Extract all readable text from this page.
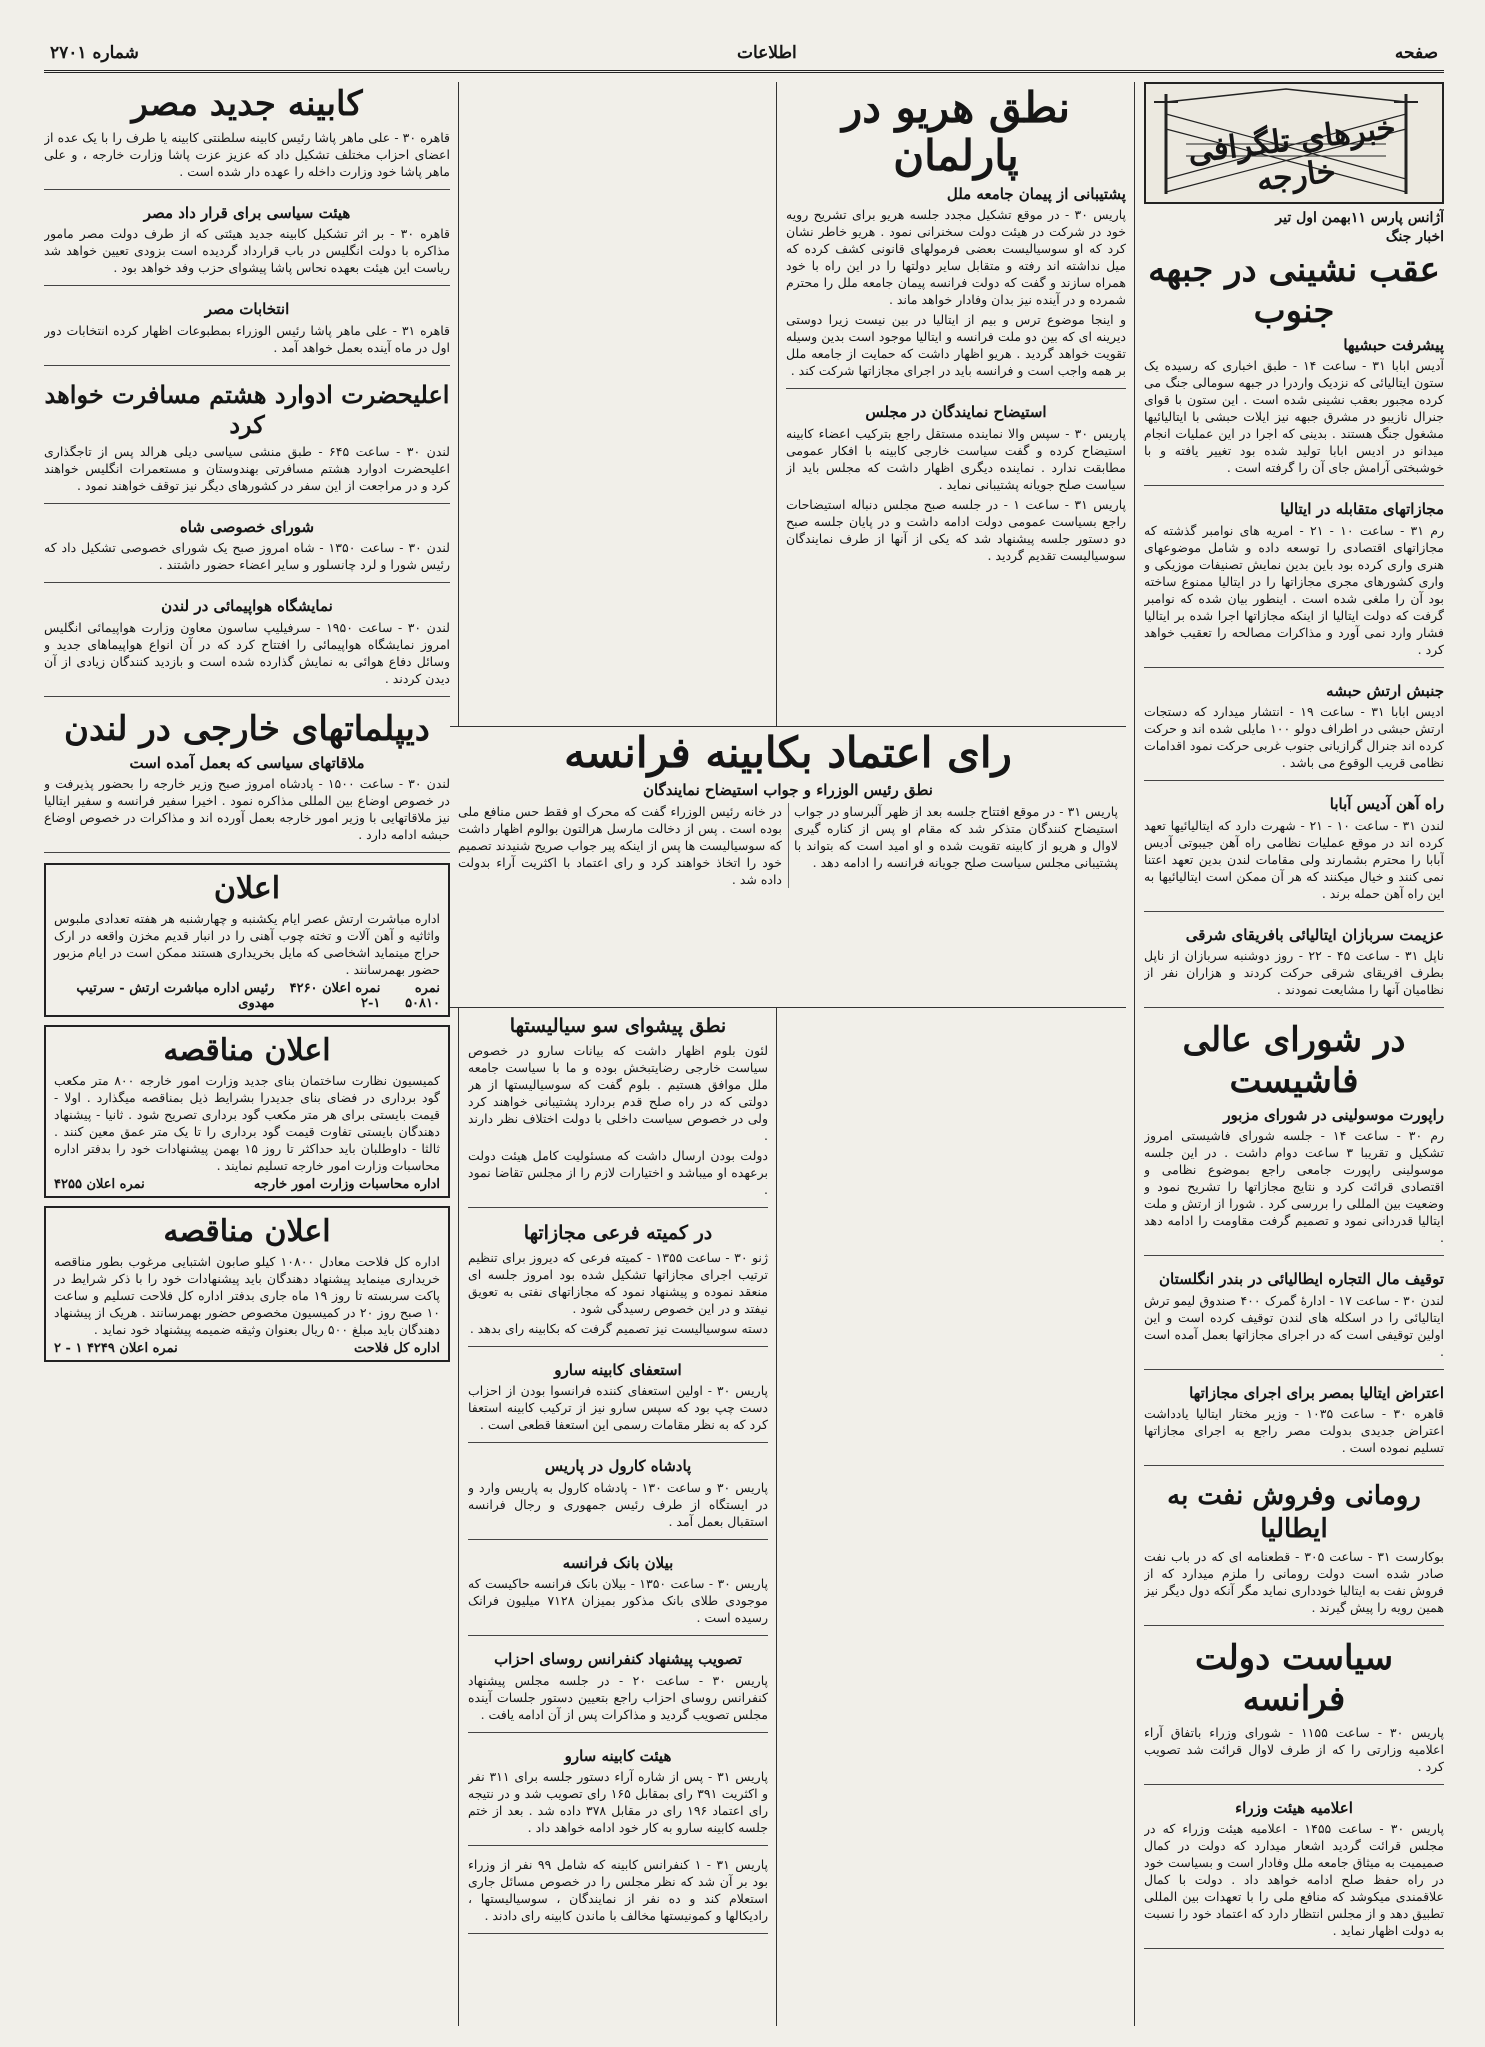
صفحه
اطلاعات
شماره ۲۷۰۱
خبرهای تلگرافی خارجه
آژانس پارس ۱۱بهمن اول تیر
اخبار جنگ
عقب نشینی در جبهه جنوب
پیشرفت حبشیها

آدیس ابابا ۳۱ - ساعت ۱۴ - طبق اخباری که رسیده یک ستون ایتالیائی که نزدیک واردرا در جبهه سومالی جنگ می کرده مجبور بعقب نشینی شده است . این ستون با قوای جنرال نازیبو در مشرق جبهه نیز ایلات حبشی با ایتالیائیها مشغول جنگ هستند . بدینی که اجرا در این عملیات انجام میدانو در ادیس ابابا تولید شده بود تغییر یافته و با خوشبختی آرامش جای آن را گرفته است .

مجازاتهای متقابله در ایتالیا

رم ۳۱ - ساعت ۱۰ - ۲۱ - امریه های نوامبر گذشته که مجازاتهای اقتصادی را توسعه داده و شامل موضوعهای هنری واری کرده بود باین بدین نمایش تصنیفات موزیکی و واری کشورهای مجری مجازاتها را در ایتالیا ممنوع ساخته بود آن را ملغی شده است . اینطور بیان شده که نوامبر گرفت که دولت ایتالیا از اینکه مجازاتها اجرا شده بر ایتالیا فشار وارد نمی آورد و مذاکرات مصالحه را تعقیب خواهد کرد .

جنبش ارتش حبشه

ادیس ابابا ۳۱ - ساعت ۱۹ - انتشار میدارد که دستجات ارتش حبشی در اطراف دولو ۱۰۰ مایلی شده اند و حرکت کرده اند جنرال گرازیانی جنوب غربی حرکت نمود اقدامات نظامی قریب الوقوع می باشد .

راه آهن آدیس آبابا

لندن ۳۱ - ساعت ۱۰ - ۲۱ - شهرت دارد که ایتالیائیها تعهد کرده اند در موقع عملیات نظامی راه آهن جیبوتی آدیس آبابا را محترم بشمارند ولی مقامات لندن بدین تعهد اعتنا نمی کنند و خیال میکنند که هر آن ممکن است ایتالیائیها به این راه آهن حمله برند .

عزیمت سربازان ایتالیائی بافریقای شرقی

ناپل ۳۱ - ساعت ۴۵ - ۲۲ - روز دوشنبه سربازان از ناپل بطرف افریقای شرقی حرکت کردند و هزاران نفر از نظامیان آنها را مشایعت نمودند .

در شورای عالی فاشیست
راپورت موسولینی در شورای مزبور

رم ۳۰ - ساعت ۱۴ - جلسه شورای فاشیستی امروز تشکیل و تقریبا ۳ ساعت دوام داشت . در این جلسه موسولینی راپورت جامعی راجع بموضوع نظامی و اقتصادی قرائت کرد و نتایج مجازاتها را تشریح نمود و وضعیت بین المللی را بررسی کرد . شورا از ارتش و ملت ایتالیا قدردانی نمود و تصمیم گرفت مقاومت را ادامه دهد .

توقیف مال التجاره ایطالیائی در بندر انگلستان

لندن ۳۰ - ساعت ۱۷ - ادارهٔ گمرک ۴۰۰ صندوق لیمو ترش ایتالیائی را در اسکله های لندن توقیف کرده است و این اولین توقیفی است که در اجرای مجازاتها بعمل آمده است .

اعتراض ایتالیا بمصر برای اجرای مجازاتها

قاهره ۳۰ - ساعت ۱۰۳۵ - وزیر مختار ایتالیا یادداشت اعتراض جدیدی بدولت مصر راجع به اجرای مجازاتها تسلیم نموده است .

رومانی وفروش نفت به ایطالیا

بوکارست ۳۱ - ساعت ۳۰۵ - قطعنامه ای که در باب نفت صادر شده است دولت رومانی را ملزم میدارد که از فروش نفت به ایتالیا خودداری نماید مگر آنکه دول دیگر نیز همین رویه را پیش گیرند .

سیاست دولت فرانسه

پاریس ۳۰ - ساعت ۱۱۵۵ - شورای وزراء باتفاق آراء اعلامیه وزارتی را که از طرف لاوال قرائت شد تصویب کرد .

اعلامیه هیئت وزراء

پاریس ۳۰ - ساعت ۱۴۵۵ - اعلامیه هیئت وزراء که در مجلس قرائت گردید اشعار میدارد که دولت در کمال صمیمیت به میثاق جامعه ملل وفادار است و بسیاست خود در راه حفظ صلح ادامه خواهد داد . دولت با کمال علاقمندی میکوشد که منافع ملی را با تعهدات بین المللی تطبیق دهد و از مجلس انتظار دارد که اعتماد خود را نسبت به دولت اظهار نماید .

نطق هریو در پارلمان
پشتیبانی از پیمان جامعه ملل

پاریس ۳۰ - در موقع تشکیل مجدد جلسه هریو برای تشریح رویه خود در شرکت در هیئت دولت سخنرانی نمود . هریو خاطر نشان کرد که او سوسیالیست بعضی فرمولهای قانونی کشف کرده که میل نداشته اند رفته و متقابل سایر دولتها را در این راه با خود همراه سازند و گفت که دولت فرانسه پیمان جامعه ملل را محترم شمرده و در آینده نیز بدان وفادار خواهد ماند .

و اینجا موضوع ترس و بیم از ایتالیا در بین نیست زیرا دوستی دیرینه ای که بین دو ملت فرانسه و ایتالیا موجود است بدین وسیله تقویت خواهد گردید . هریو اظهار داشت که حمایت از جامعه ملل بر همه واجب است و فرانسه باید در اجرای مجازاتها شرکت کند .

استیضاح نمایندگان در مجلس

پاریس ۳۰ - سپس والا نماینده مستقل راجع بترکیب اعضاء کابینه استیضاح کرده و گفت سیاست خارجی کابینه با افکار عمومی مطابقت ندارد . نماینده دیگری اظهار داشت که مجلس باید از سیاست صلح جویانه پشتیبانی نماید .

پاریس ۳۱ - ساعت ۱ - در جلسه صبح مجلس دنباله استیضاحات راجع بسیاست عمومی دولت ادامه داشت و در پایان جلسه صبح دو دستور جلسه پیشنهاد شد که یکی از آنها از طرف نمایندگان سوسیالیست تقدیم گردید .

رای اعتماد بکابینه فرانسه
نطق رئیس الوزراء و جواب استیضاح نمایندگان

پاریس ۳۱ - در موقع افتتاح جلسه بعد از ظهر آلبرساو در جواب استیضاح کنندگان متذکر شد که مقام او پس از کناره گیری لاوال و هریو از کابینه تقویت شده و او امید است که بتواند با پشتیبانی مجلس سیاست صلح جویانه فرانسه را ادامه دهد .

در خانه رئیس الوزراء گفت که محرک او فقط حس منافع ملی بوده است . پس از دخالت مارسل هرالتون بوالوم اظهار داشت که سوسیالیست ها پس از اینکه پیر جواب صریح شنیدند تصمیم خود را اتخاذ خواهند کرد و رای اعتماد با اکثریت آراء بدولت داده شد .

نطق پیشوای سو سیالیستها

لئون بلوم اظهار داشت که بیانات سارو در خصوص سیاست خارجی رضایتبخش بوده و ما با سیاست جامعه ملل موافق هستیم . بلوم گفت که سوسیالیستها از هر دولتی که در راه صلح قدم بردارد پشتیبانی خواهند کرد ولی در خصوص سیاست داخلی با دولت اختلاف نظر دارند .

دولت بودن ارسال داشت که مسئولیت کامل هیئت دولت برعهده او میباشد و اختیارات لازم را از مجلس تقاضا نمود .

در کمیته فرعی مجازاتها

ژنو ۳۰ - ساعت ۱۳۵۵ - کمیته فرعی که دیروز برای تنظیم ترتیب اجرای مجازاتها تشکیل شده بود امروز جلسه ای منعقد نموده و پیشنهاد نمود که مجازاتهای نفتی به تعویق نیفتد و در این خصوص رسیدگی شود .

دسته سوسیالیست نیز تصمیم گرفت که بکابینه رای بدهد .

استعفای کابینه سارو

پاریس ۳۰ - اولین استعفای کننده فرانسوا بودن از احزاب دست چپ بود که سپس سارو نیز از ترکیب کابینه استعفا کرد که به نظر مقامات رسمی این استعفا قطعی است .

پادشاه کارول در پاریس

پاریس ۳۰ و ساعت ۱۳۰ - پادشاه کارول به پاریس وارد و در ایستگاه از طرف رئیس جمهوری و رجال فرانسه استقبال بعمل آمد .

بیلان بانک فرانسه

پاریس ۳۰ - ساعت ۱۳۵۰ - بیلان بانک فرانسه حاکیست که موجودی طلای بانک مذکور بمیزان ۷۱۲۸ میلیون فرانک رسیده است .

تصویب پیشنهاد کنفرانس روسای احزاب

پاریس ۳۰ - ساعت ۲۰ - در جلسه مجلس پیشنهاد کنفرانس روسای احزاب راجع بتعیین دستور جلسات آینده مجلس تصویب گردید و مذاکرات پس از آن ادامه یافت .

هیئت کابینه سارو

پاریس ۳۱ - پس از شاره آراء دستور جلسه برای ۳۱۱ نفر و اکثریت ۳۹۱ رای بمقابل ۱۶۵ رای تصویب شد و در نتیجه رای اعتماد ۱۹۶ رای در مقابل ۳۷۸ داده شد . بعد از ختم جلسه کابینه سارو به کار خود ادامه خواهد داد .

پاریس ۳۱ - ۱ کنفرانس کابینه که شامل ۹۹ نفر از وزراء بود بر آن شد که نظر مجلس را در خصوص مسائل جاری استعلام کند و ده نفر از نمایندگان ، سوسیالیستها ، رادیکالها و کمونیستها مخالف با ماندن کابینه رای دادند .

کابینه جدید مصر

قاهره ۳۰ - علی ماهر پاشا رئیس کابینه سلطنتی کابینه یا طرف را با یک عده از اعضای احزاب مختلف تشکیل داد که عزیز عزت پاشا وزارت خارجه ، و علی ماهر پاشا خود وزارت داخله را عهده دار شده است .

هیئت سیاسی برای قرار داد مصر

قاهره ۳۰ - بر اثر تشکیل کابینه جدید هیئتی که از طرف دولت مصر مامور مذاکره با دولت انگلیس در باب قرارداد گردیده است بزودی تعیین خواهد شد ریاست این هیئت بعهده نحاس پاشا پیشوای حزب وفد خواهد بود .

انتخابات مصر

قاهره ۳۱ - علی ماهر پاشا رئیس الوزراء بمطبوعات اظهار کرده انتخابات دور اول در ماه آینده بعمل خواهد آمد .

اعلیحضرت ادوارد هشتم مسافرت خواهد کرد

لندن ۳۰ - ساعت ۶۴۵ - طبق منشی سیاسی دیلی هرالد پس از تاجگذاری اعلیحضرت ادوارد هشتم مسافرتی بهندوستان و مستعمرات انگلیس خواهند کرد و در مراجعت از این سفر در کشورهای دیگر نیز توقف خواهند نمود .

شورای خصوصی شاه

لندن ۳۰ - ساعت ۱۳۵۰ - شاه امروز صبح یک شورای خصوصی تشکیل داد که رئیس شورا و لرد چانسلور و سایر اعضاء حضور داشتند .

نمایشگاه هواپیمائی در لندن

لندن ۳۰ - ساعت ۱۹۵۰ - سرفیلیپ ساسون معاون وزارت هواپیمائی انگلیس امروز نمایشگاه هواپیمائی را افتتاح کرد که در آن انواع هواپیماهای جدید و وسائل دفاع هوائی به نمایش گذارده شده است و بازدید کنندگان زیادی از آن دیدن کردند .

دیپلماتهای خارجی در لندن
ملاقاتهای سیاسی که بعمل آمده است

لندن ۳۰ - ساعت ۱۵۰۰ - پادشاه امروز صبح وزیر خارجه را بحضور پذیرفت و در خصوص اوضاع بین المللی مذاکره نمود . اخیرا سفیر فرانسه و سفیر ایتالیا نیز ملاقاتهایی با وزیر امور خارجه بعمل آورده اند و مذاکرات در خصوص اوضاع حبشه ادامه دارد .

اعلان

اداره مباشرت ارتش عصر ایام یکشنبه و چهارشنبه هر هفته تعدادی ملبوس واثاثیه و آهن آلات و تخته چوب آهنی را در انبار قدیم مخزن واقعه در ارک حراج مینماید اشخاصی که مایل بخریداری هستند ممکن است در ایام مزبور حضور بهمرسانند .

نمره ۵۰۸۱۰
نمره اعلان ۴۲۶۰ ۱-۲
رئیس اداره مباشرت ارتش - سرتیپ مهدوی
اعلان مناقصه

کمیسیون نظارت ساختمان بنای جدید وزارت امور خارجه ۸۰۰ متر مکعب گود برداری در فضای بنای جدیدرا بشرایط ذیل بمناقصه میگذارد . اولا - قیمت بایستی برای هر متر مکعب گود برداری تصریح شود . ثانیا - پیشنهاد دهندگان بایستی تفاوت قیمت گود برداری را تا یک متر عمق معین کنند . ثالثا - داوطلبان باید حداکثر تا روز ۱۵ بهمن پیشنهادات خود را بدفتر اداره محاسبات وزارت امور خارجه تسلیم نمایند .

اداره محاسبات وزارت امور خارجه
نمره اعلان ۴۲۵۵
اعلان مناقصه

اداره کل فلاحت معادل ۱۰۸۰۰ کیلو صابون اشتبایی مرغوب بطور مناقصه خریداری مینماید پیشنهاد دهندگان باید پیشنهادات خود را با ذکر شرایط در پاکت سربسته تا روز ۱۹ ماه جاری بدفتر اداره کل فلاحت تسلیم و ساعت ۱۰ صبح روز ۲۰ در کمیسیون مخصوص حضور بهمرسانند . هریک از پیشنهاد دهندگان باید مبلغ ۵۰۰ ریال بعنوان وثیقه ضمیمه پیشنهاد خود نماید .

اداره کل فلاحت
نمره اعلان ۴۲۴۹ ۱ - ۲
